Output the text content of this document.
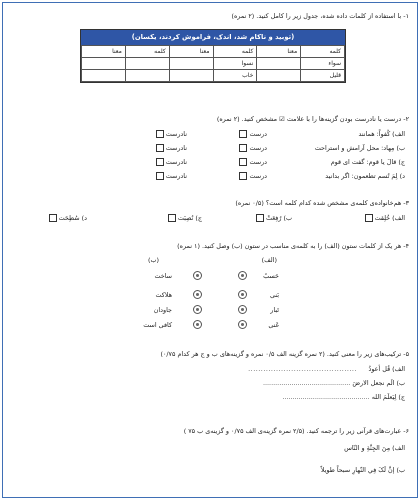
۱- با استفاده از کلمات داده شده، جدول زیر را کامل کنید. (۲ نمره)
(توبيد و ناكام شد، اندک، فراموش كردند، يكسان)
کلمه	معنا	کلمه	معنا	کلمه	معنا
سواء		نسوا			
قلیل		خاب			
۲- درست یا نادرست بودن گزینه‌ها را با علامت ☑ مشخص کنید. (۲ نمره)
الف) کُفواً: همانند
درست
نادرست
ب) مِهاد: محل آرامش و استراحت
درست
نادرست
ج) قالَ یا قوم: گفت ای قوم
درست
نادرست
د) لِمَ تُسم تطعمون: اگر بدانید
درست
نادرست
۳- هم‌خانواده‌ی کلمه‌ی مشخص شده کدام کلمه است؟ (۰/۵ نمره)
الف) خُلِقت
ب) رُفِعَتْ
ج) نُصِبَت
د) سُطِحَت
۴- هر یک از کلمات ستون (الف) را به کلمه‌ی مناسب در ستون (ب) وصل کنید. (۱ نمره)
(الف)
(ب)
حَسبُ
بَنی
تَبار
غَنی
ساخت
هلاکت
جاودان
کافی است
۵- ترکیب‌های زیر را معنی کنید. (۲ نمره گزینه الف ۰/۵ نمره و گزینه‌های ب و ج هر کدام ۰/۷۵)
الف) قُل أعوذُ
ب) الَم نجعل الارضَ ...........................................
ج) لِیَعلَمَ الله ...........................................
...........................................
۶- عبارت‌های قرآنی زیر را ترجمه کنید. (۲/۵ نمره گزینه‌ی الف ۰/۷۵ و گزینه‌ی ب ۷۵ )
الف) مِنَ الجِنَّةِ و النّاس
ب) إنَّ لَکَ فِي النّهارِ سبحاً طويلاً
